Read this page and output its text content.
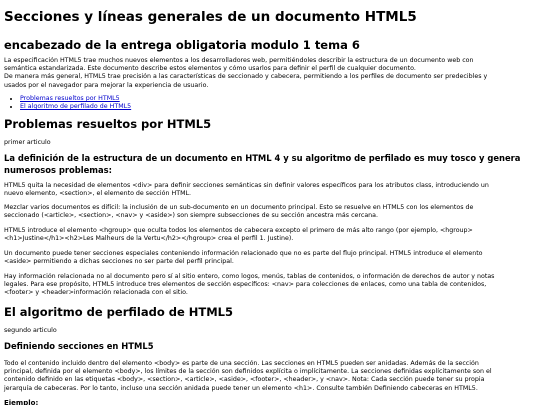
Secciones y líneas generales de un documento HTML5
encabezado de la entrega obligatoria modulo 1 tema 6

La especificación HTML5 trae muchos nuevos elementos a los desarrolladores web, permitiéndoles describir la estructura de un documento web con
semántica estandarizada. Este documento describe estos elementos y cómo usarlos para definir el perfil de cualquier documento.
De manera más general, HTML5 trae precisión a las características de seccionado y cabecera, permitiendo a los perfiles de documento ser predecibles y
usados por el navegador para mejorar la experiencia de usuario.

• Problemas resueltos por HTML5
• El algoritmo de perfilado de HTML5
Problemas resueltos por HTML5

primer articulo

La definición de la estructura de un documento en HTML 4 y su algoritmo de perfilado es muy tosco y genera
numerosos problemas:

HTML5 quita la necesidad de elementos <div> para definir secciones semánticas sin definir valores específicos para los atributos class, introduciendo un
nuevo elemento, <section>, el elemento de sección HTML.

Mezclar varios documentos es difícil: la inclusión de un sub-documento en un documento principal. Esto se resuelve en HTML5 con los elementos de
seccionado (<article>, <section>, <nav> y <aside>) son siempre subsecciones de su sección ancestra más cercana.

HTML5 introduce el elemento <hgroup> que oculta todos los elementos de cabecera excepto el primero de más alto rango (por ejemplo, <hgroup>
<h1>Justine</h1><h2>Les Malheurs de la Vertu</h2></hgroup> crea el perfil 1. Justine).

Un documento puede tener secciones especiales conteniendo información relacionado que no es parte del flujo principal. HTML5 introduce el elemento
<aside> permitiendo a dichas secciones no ser parte del perfil principal.

Hay información relacionada no al documento pero sí al sitio entero, como logos, menús, tablas de contenidos, o información de derechos de autor y notas
legales. Para ese propósito, HTML5 introduce tres elementos de sección específicos: <nav> para colecciones de enlaces, como una tabla de contenidos,
<footer> y <header>información relacionada con el sitio.

El algoritmo de perfilado de HTML5

segundo articulo

Definiendo secciones en HTML5

Todo el contenido incluido dentro del elemento <body> es parte de una sección. Las secciones en HTML5 pueden ser anidadas. Además de la sección
principal, definida por el elemento <body>, los límites de la sección son definidos explícita o implícitamente. La secciones definidas explícitamente son el
contenido definido en las etiquetas <body>, <section>, <article>, <aside>, <footer>, <header>, y <nav>. Nota: Cada sección puede tener su propia
jerarquía de cabeceras. Por lo tanto, incluso una sección anidada puede tener un elemento <h1>. Consulte también Definiendo cabeceras en HTML5.

Ejemplo:
